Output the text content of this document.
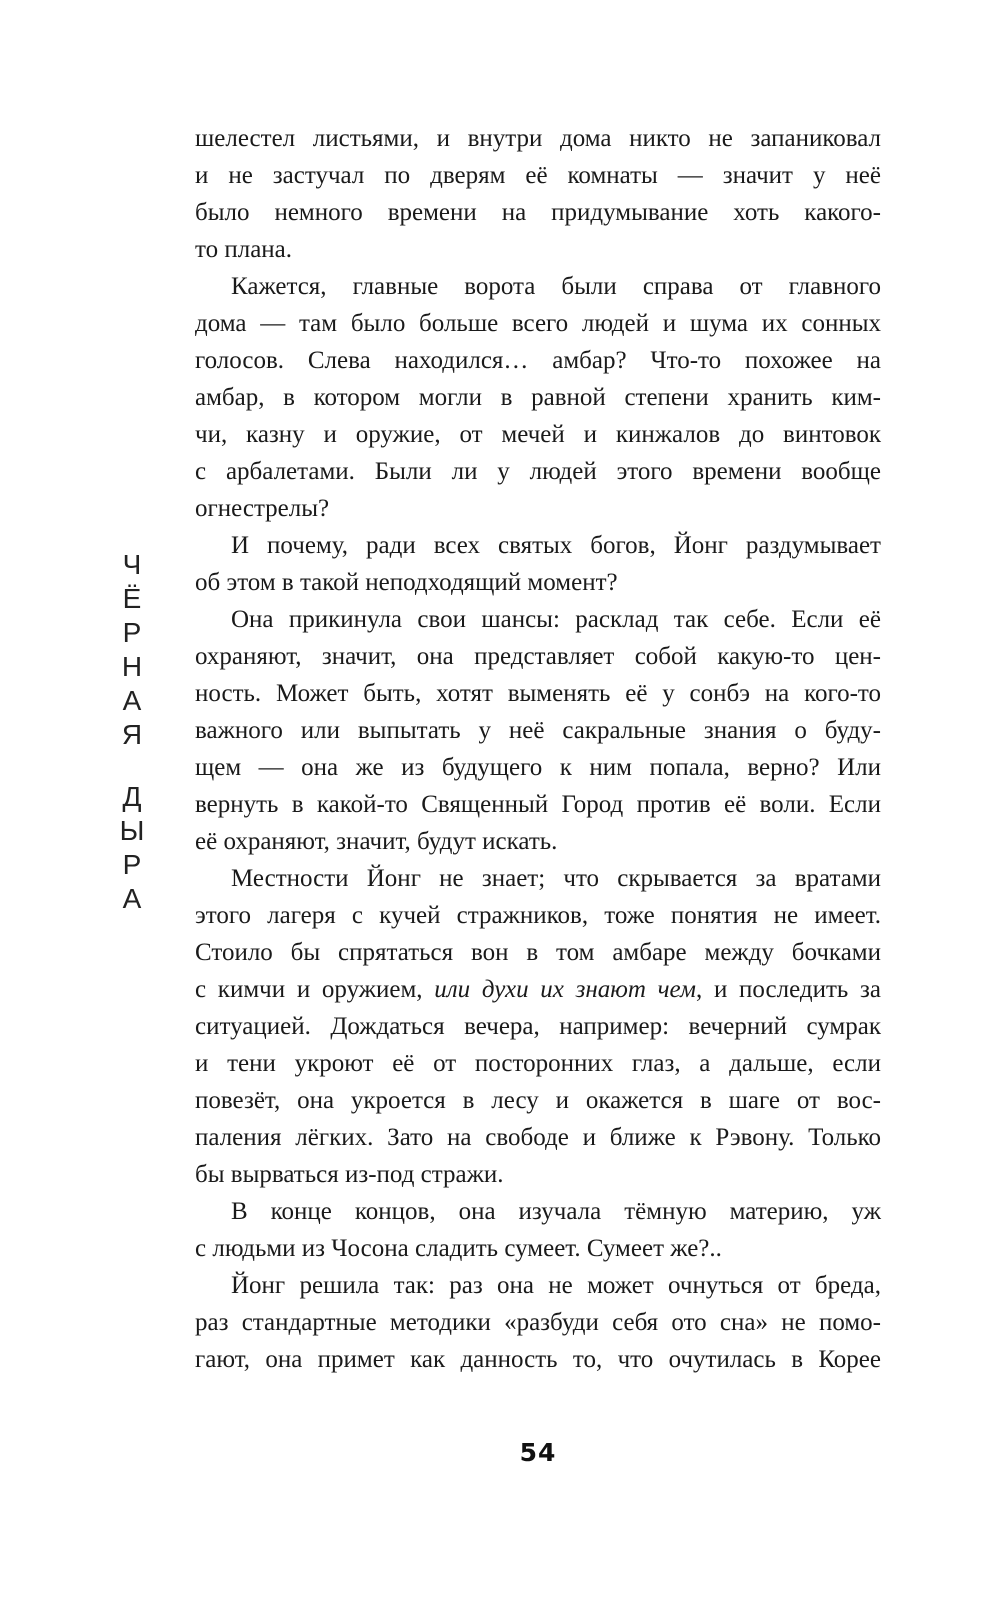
Ч
Ё
Р
Н
А
Я
Д
Ы
Р
А
шелестел листьями, и внутри дома никто не запаниковал
и не застучал по дверям её комнаты — значит у неё
было немного времени на придумывание хоть какого-
то плана.
Кажется, главные ворота были справа от главного
дома — там было больше всего людей и шума их сонных
голосов. Слева находился… амбар? Что-то похожее на
амбар, в котором могли в равной степени хранить ким-
чи, казну и оружие, от мечей и кинжалов до винтовок
с арбалетами. Были ли у людей этого времени вообще
огнестрелы?
И почему, ради всех святых богов, Йонг раздумывает
об этом в такой неподходящий момент?
Она прикинула свои шансы: расклад так себе. Если её
охраняют, значит, она представляет собой какую-то цен-
ность. Может быть, хотят выменять её у сонбэ на кого-то
важного или выпытать у неё сакральные знания о буду-
щем — она же из будущего к ним попала, верно? Или
вернуть в какой-то Священный Город против её воли. Если
её охраняют, значит, будут искать.
Местности Йонг не знает; что скрывается за вратами
этого лагеря с кучей стражников, тоже понятия не имеет.
Стоило бы спрятаться вон в том амбаре между бочками
с кимчи и оружием, или духи их знают чем, и последить за
ситуацией. Дождаться вечера, например: вечерний сумрак
и тени укроют её от посторонних глаз, а дальше, если
повезёт, она укроется в лесу и окажется в шаге от вос-
паления лёгких. Зато на свободе и ближе к Рэвону. Только
бы вырваться из-под стражи.
В конце концов, она изучала тёмную материю, уж
с людьми из Чосона сладить сумеет. Сумеет же?..
Йонг решила так: раз она не может очнуться от бреда,
раз стандартные методики «разбуди себя ото сна» не помо-
гают, она примет как данность то, что очутилась в Корее
54
